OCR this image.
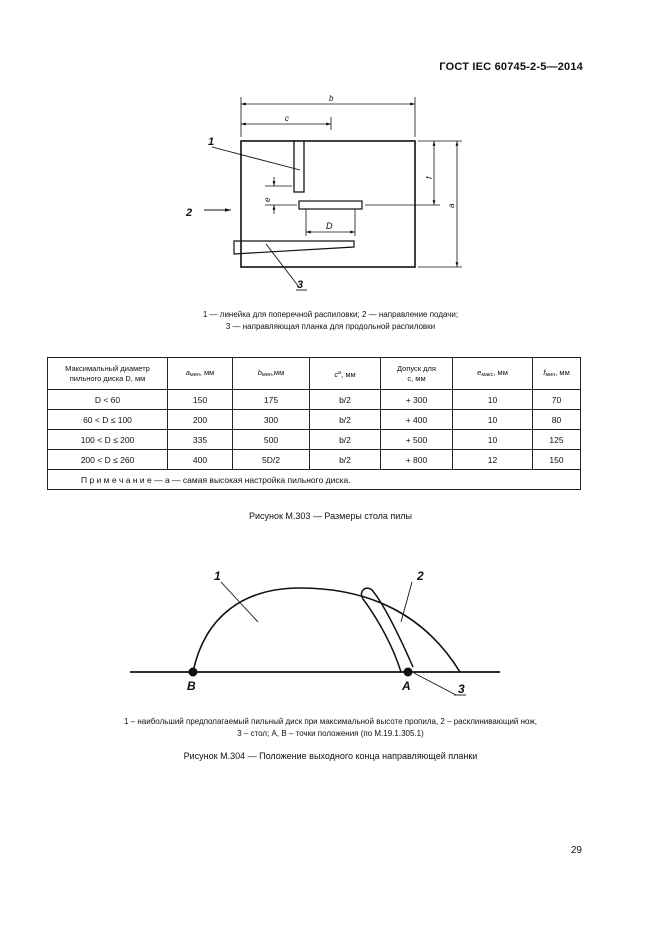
ГОСТ IEC 60745-2-5—2014
b
c
f
a
e
D
1
2
3
1 — линейка для поперечной распиловки; 2 — направление подачи;
3 — направляющая планка для продольной распиловки
Максимальный диаметр пильного диска D, мм	aмин, мм	bмин,мм	$c^a$, мм	Допуск для
c, мм	eмакс, мм	fмин, мм
D < 60	150	175	b/2	+ 300	10	70
60 < D ≤ 100	200	300	b/2	+ 400	10	80
100 < D ≤ 200	335	500	b/2	+ 500	10	125
200 < D ≤ 260	400	5D/2	b/2	+ 800	12	150
П р и м е ч а н и е — a — самая высокая настройка пильного диска.						
Рисунок M.303 — Размеры стола пилы
1	2
3
B	A
1 – наибольший предполагаемый пильный диск при максимальной высоте пропила, 2 – расклинивающий нож,
3 – стол; A, B – точки положения (по M.19.1.305.1)
Рисунок M.304 — Положение выходного конца направляющей планки
29
